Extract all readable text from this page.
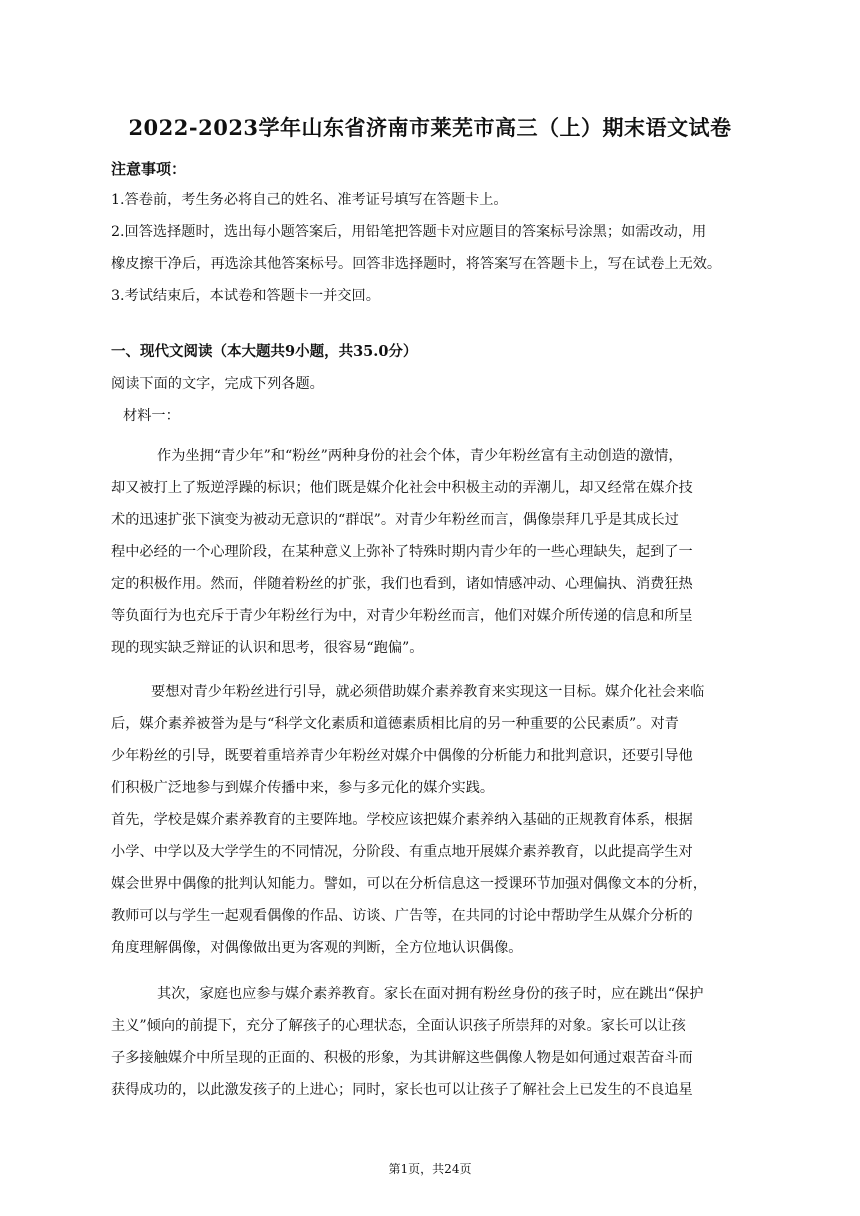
2022-2023学年山东省济南市莱芜市高三（上）期末语文试卷
注意事项：
1.答卷前，考生务必将自己的姓名、准考证号填写在答题卡上。
2.回答选择题时，选出每小题答案后，用铅笔把答题卡对应题目的答案标号涂黑；如需改动，用
橡皮擦干净后，再选涂其他答案标号。回答非选择题时，将答案写在答题卡上，写在试卷上无效。
3.考试结束后，本试卷和答题卡一并交回。
一、现代文阅读（本大题共9小题，共35.0分）
阅读下面的文字，完成下列各题。
材料一：
作为坐拥“青少年”和“粉丝”两种身份的社会个体，青少年粉丝富有主动创造的激情，
却又被打上了叛逆浮躁的标识；他们既是媒介化社会中积极主动的弄潮儿，却又经常在媒介技
术的迅速扩张下演变为被动无意识的“群氓”。对青少年粉丝而言，偶像崇拜几乎是其成长过
程中必经的一个心理阶段，在某种意义上弥补了特殊时期内青少年的一些心理缺失，起到了一
定的积极作用。然而，伴随着粉丝的扩张，我们也看到，诸如情感冲动、心理偏执、消费狂热
等负面行为也充斥于青少年粉丝行为中，对青少年粉丝而言，他们对媒介所传递的信息和所呈
现的现实缺乏辩证的认识和思考，很容易“跑偏”。
要想对青少年粉丝进行引导，就必须借助媒介素养教育来实现这一目标。媒介化社会来临
后，媒介素养被誉为是与“科学文化素质和道德素质相比肩的另一种重要的公民素质”。对青
少年粉丝的引导，既要着重培养青少年粉丝对媒介中偶像的分析能力和批判意识，还要引导他
们积极广泛地参与到媒介传播中来，参与多元化的媒介实践。
首先，学校是媒介素养教育的主要阵地。学校应该把媒介素养纳入基础的正规教育体系，根据
小学、中学以及大学学生的不同情况，分阶段、有重点地开展媒介素养教育，以此提高学生对
媒会世界中偶像的批判认知能力。譬如，可以在分析信息这一授课环节加强对偶像文本的分析，
教师可以与学生一起观看偶像的作品、访谈、广告等，在共同的讨论中帮助学生从媒介分析的
角度理解偶像，对偶像做出更为客观的判断，全方位地认识偶像。
其次，家庭也应参与媒介素养教育。家长在面对拥有粉丝身份的孩子时，应在跳出“保护
主义”倾向的前提下，充分了解孩子的心理状态，全面认识孩子所崇拜的对象。家长可以让孩
子多接触媒介中所呈现的正面的、积极的形象，为其讲解这些偶像人物是如何通过艰苦奋斗而
获得成功的，以此激发孩子的上进心；同时，家长也可以让孩子了解社会上已发生的不良追星
第1页，共24页
